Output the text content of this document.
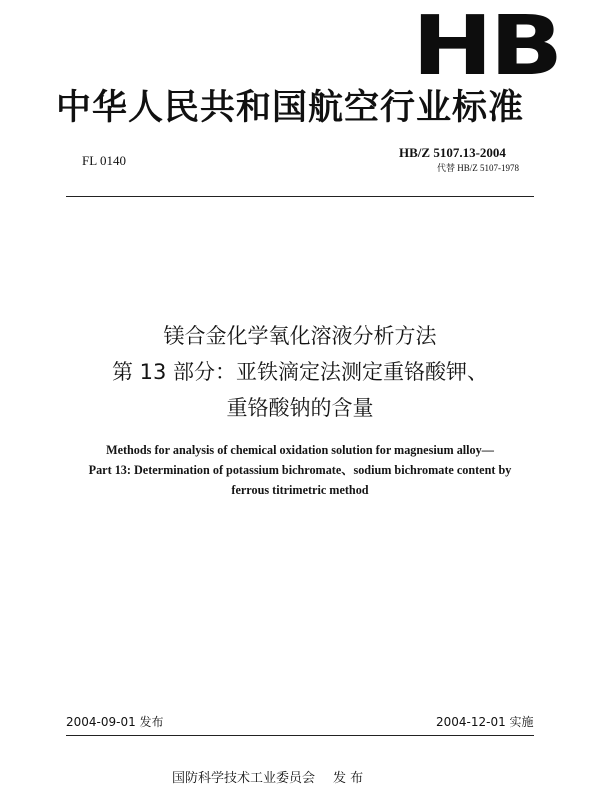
HB
中华人民共和国航空行业标准
FL 0140
HB/Z 5107.13-2004
代替 HB/Z 5107-1978
镁合金化学氧化溶液分析方法
第 13 部分：亚铁滴定法测定重铬酸钾、
重铬酸钠的含量
Methods for analysis of chemical oxidation solution for magnesium alloy—
Part 13: Determination of potassium bichromate、sodium bichromate content by
ferrous titrimetric method
2004-09-01 发布	2004-12-01 实施
国防科学技术工业委员会 发 布
